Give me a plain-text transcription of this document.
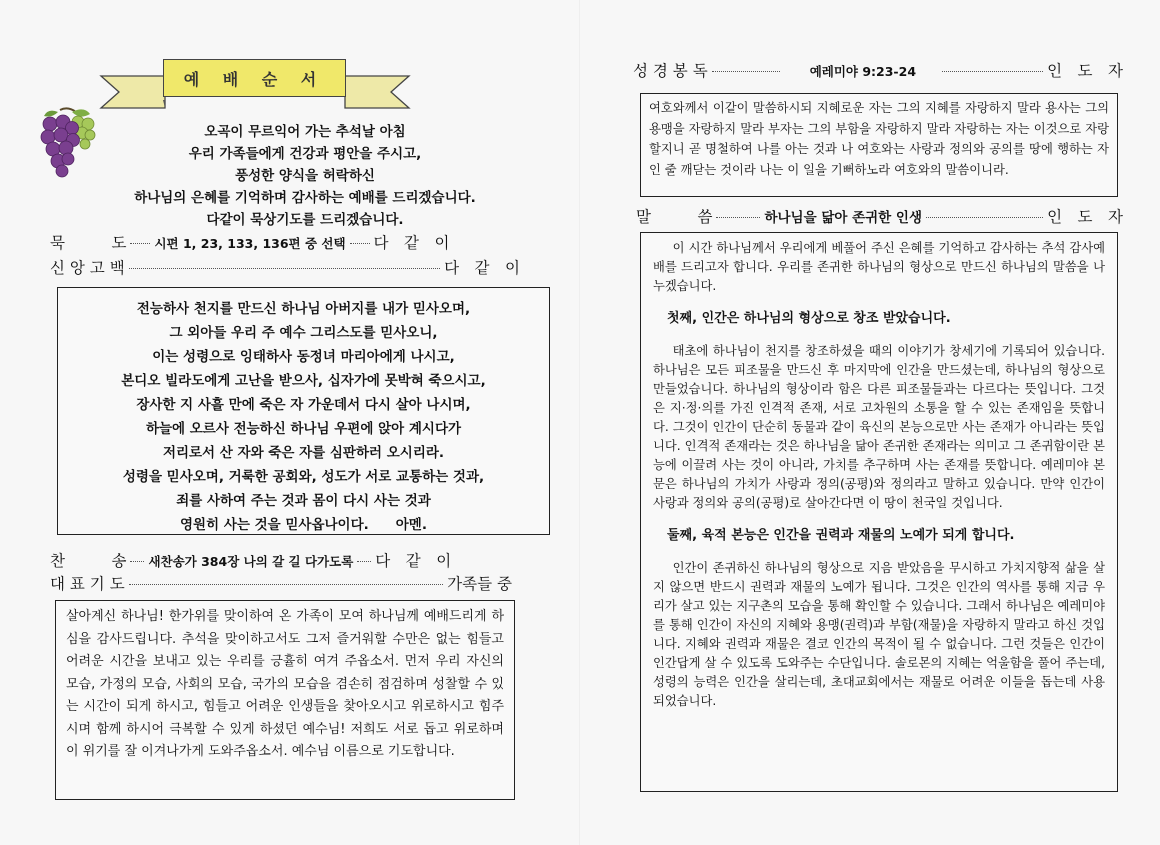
예 배 순 서
오곡이 무르익어 가는 추석날 아침
우리 가족들에게 건강과 평안을 주시고,
풍성한 양식을 허락하신
하나님의 은혜를 기억하며 감사하는 예배를 드리겠습니다.
다같이 묵상기도를 드리겠습니다.
묵　　　도 시편 1, 23, 133, 136편 중 선택 다　같　이
신 앙 고 백	다　같　이
전능하사 천지를 만드신 하나님 아버지를 내가 믿사오며,
그 외아들 우리 주 예수 그리스도를 믿사오니,
이는 성령으로 잉태하사 동정녀 마리아에게 나시고,
본디오 빌라도에게 고난을 받으사, 십자가에 못박혀 죽으시고,
장사한 지 사흘 만에 죽은 자 가운데서 다시 살아 나시며,
하늘에 오르사 전능하신 하나님 우편에 앉아 계시다가
저리로서 산 자와 죽은 자를 심판하러 오시리라.
성령을 믿사오며, 거룩한 공회와, 성도가 서로 교통하는 것과,
죄를 사하여 주는 것과 몸이 다시 사는 것과
영원히 사는 것을 믿사옵나이다.　　아멘.
찬　　　송 새찬송가 384장 나의 갈 길 다가도록 다　같　이
대 표 기 도	가족들 중
살아계신 하나님! 한가위를 맞이하여 온 가족이 모여 하나님께 예배드리게 하심을 감사드립니다. 추석을 맞이하고서도 그저 즐거워할 수만은 없는 힘들고 어려운 시간을 보내고 있는 우리를 긍휼히 여겨 주옵소서. 먼저 우리 자신의 모습, 가정의 모습, 사회의 모습, 국가의 모습을 겸손히 점검하며 성찰할 수 있는 시간이 되게 하시고, 힘들고 어려운 인생들을 찾아오시고 위로하시고 힘주시며 함께 하시어 극복할 수 있게 하셨던 예수님! 저희도 서로 돕고 위로하며 이 위기를 잘 이겨나가게 도와주옵소서. 예수님 이름으로 기도합니다.
성 경 봉 독	예레미야 9:23-24	인　도　자
여호와께서 이같이 말씀하시되 지혜로운 자는 그의 지혜를 자랑하지 말라 용사는 그의 용맹을 자랑하지 말라 부자는 그의 부함을 자랑하지 말라 자랑하는 자는 이것으로 자랑할지니 곧 명철하여 나를 아는 것과 나 여호와는 사랑과 정의와 공의를 땅에 행하는 자인 줄 깨닫는 것이라 나는 이 일을 기뻐하노라 여호와의 말씀이니라.
말　　　씀	하나님을 닮아 존귀한 인생	인　도　자

이 시간 하나님께서 우리에게 베풀어 주신 은혜를 기억하고 감사하는 추석 감사예배를 드리고자 합니다. 우리를 존귀한 하나님의 형상으로 만드신 하나님의 말씀을 나누겠습니다.

첫째, 인간은 하나님의 형상으로 창조 받았습니다.

태초에 하나님이 천지를 창조하셨을 때의 이야기가 창세기에 기록되어 있습니다. 하나님은 모든 피조물을 만드신 후 마지막에 인간을 만드셨는데, 하나님의 형상으로 만들었습니다. 하나님의 형상이라 함은 다른 피조물들과는 다르다는 뜻입니다. 그것은 지·정·의를 가진 인격적 존재, 서로 고차원의 소통을 할 수 있는 존재임을 뜻합니다. 그것이 인간이 단순히 동물과 같이 육신의 본능으로만 사는 존재가 아니라는 뜻입니다. 인격적 존재라는 것은 하나님을 닮아 존귀한 존재라는 의미고 그 존귀함이란 본능에 이끌려 사는 것이 아니라, 가치를 추구하며 사는 존재를 뜻합니다. 예레미야 본문은 하나님의 가치가 사랑과 정의(공평)와 정의라고 말하고 있습니다. 만약 인간이 사랑과 정의와 공의(공평)로 살아간다면 이 땅이 천국일 것입니다.

둘째, 육적 본능은 인간을 권력과 재물의 노예가 되게 합니다.

인간이 존귀하신 하나님의 형상으로 지음 받았음을 무시하고 가치지향적 삶을 살지 않으면 반드시 권력과 재물의 노예가 됩니다. 그것은 인간의 역사를 통해 지금 우리가 살고 있는 지구촌의 모습을 통해 확인할 수 있습니다. 그래서 하나님은 예레미야를 통해 인간이 자신의 지혜와 용맹(권력)과 부함(재물)을 자랑하지 말라고 하신 것입니다. 지혜와 권력과 재물은 결코 인간의 목적이 될 수 없습니다. 그런 것들은 인간이 인간답게 살 수 있도록 도와주는 수단입니다. 솔로몬의 지혜는 억울함을 풀어 주는데, 성령의 능력은 인간을 살리는데, 초대교회에서는 재물로 어려운 이들을 돕는데 사용되었습니다.
